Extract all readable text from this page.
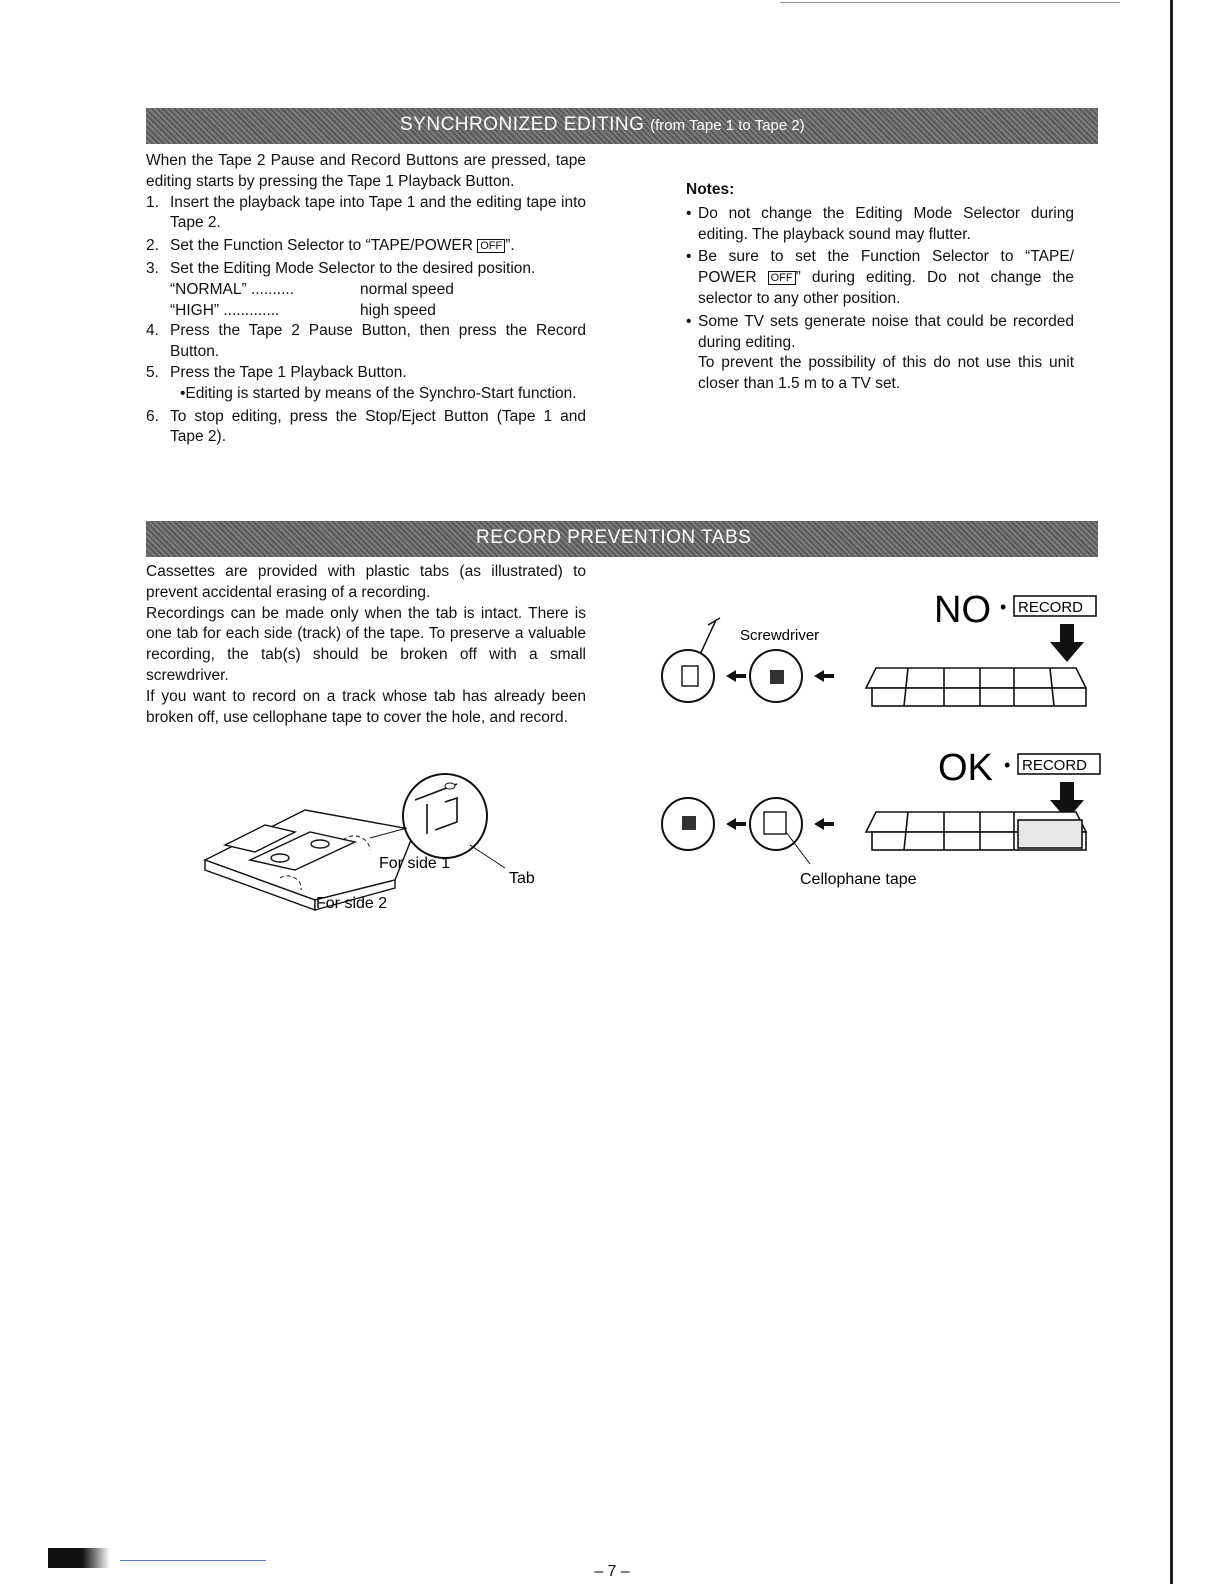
SYNCHRONIZED EDITING (from Tape 1 to Tape 2)

When the Tape 2 Pause and Record Buttons are pressed, tape editing starts by pressing the Tape 1 Playback Button.

1. Insert the playback tape into Tape 1 and the editing tape into Tape 2.
2. Set the Function Selector to “TAPE/POWER OFF ”.
3. Set the Editing Mode Selector to the desired position.
“NORMAL” ..........	normal speed
“HIGH” .............	high speed
4. Press the Tape 2 Pause Button, then press the Record Button.
5. Press the Tape 1 Playback Button.
•Editing is started by means of the Synchro-Start function.
6. To stop editing, press the Stop/Eject Button (Tape 1 and Tape 2).
Notes:
• Do not change the Editing Mode Selector during editing. The playback sound may flutter.
• Be sure to set the Function Selector to “TAPE/ POWER OFF ” during editing. Do not change the selector to any other position.
• Some TV sets generate noise that could be recorded during editing.
To prevent the possibility of this do not use this unit closer than 1.5 m to a TV set.
RECORD PREVENTION TABS

Cassettes are provided with plastic tabs (as illustrated) to prevent accidental erasing of a recording.

Recordings can be made only when the tab is intact. There is one tab for each side (track) of the tape. To preserve a valuable recording, the tab(s) should be broken off with a small screwdriver.

If you want to record on a track whose tab has already been broken off, use cellophane tape to cover the hole, and record.

For side 1
For side 2
Tab
NO • RECORD
Screwdriver
OK • RECORD
Cellophane tape
– 7 –
